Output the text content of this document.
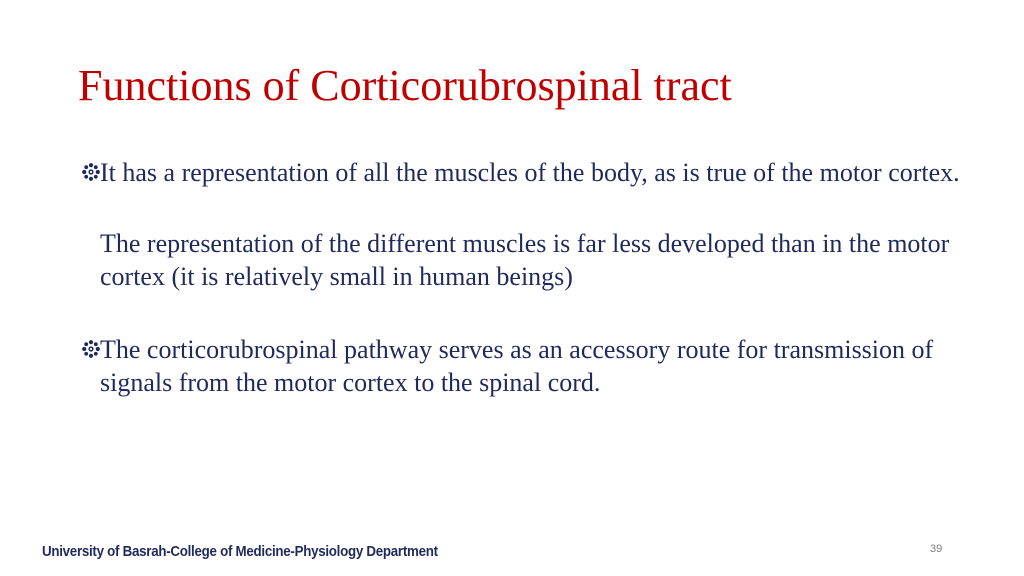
Functions of Corticorubrospinal tract

It has a representation of all the muscles of the body, as is true of the motor cortex.

The representation of the different muscles is far less developed than in the motor cortex (it is relatively small in human beings)

The corticorubrospinal pathway serves as an accessory route for transmission of signals from the motor cortex to the spinal cord.

University of Basrah-College of Medicine-Physiology Department	39
